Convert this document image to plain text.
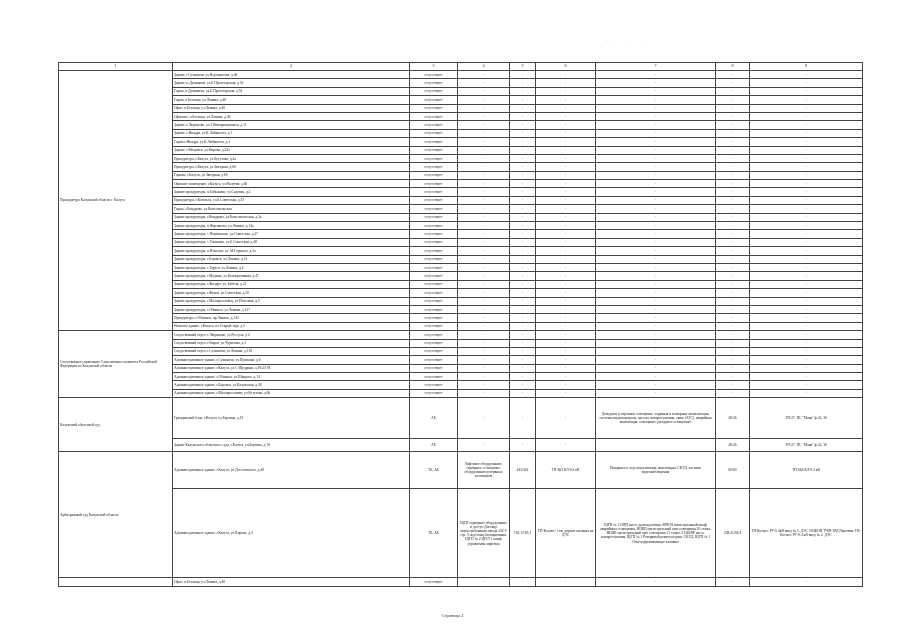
. . . .
1	2	3	4	5	6	7	8	9
Прокуратура Калужской области г. Калуга	Здание, г.Сухиничи, ул.Ворошилова, д.46	отсутствует	-	-	-	-	-	-
	Здание, п.Думиничи, ул.Б.Пролетарская, д.52	отсутствует	-	-	-	-	-	-
	Гараж, п.Думиничи, ул.Б.Пролетарская, д.52	отсутствует	-	-	-	-	-	-
	Гараж, п.Бетлица, ул.Ленина, д.40	отсутствует	-	-	-	-	-	-
	Офис, п.Бетлица, ул.Ленина, д.40	отсутствует	-	-	-	-	-	-
	Офисное, п.Бетлица, ул.Ленина, д.40	отсутствует	-	-	-	-	-	-
	Здание, г.Людиново, ул.3 Интернационала, д.11	отсутствует	-	-	-	-	-	-
	Здание, г.Жиздра, ул.К.Либкнехта, д.1	отсутствует	-	-	-	-	-	-
	Гараж г.Жиздра, ул.К.Либкнехта, д.1	отсутствует	-	-	-	-	-	-
	Здание, г.Мещовск, ул.Кирова, д.22а	отсутствует	-	-	-	-	-	-
	Прокуратура, г.Калуга, ул.Кутузова, д.2а	отсутствует	-	-	-	-	-	-
	Прокуратура, г.Калуга, ул.Звездная, д.6б	отсутствует	-	-	-	-	-	-
	Гаражи, г.Калуга, ул.Звездная, д.6б	отсутствует	-	-	-	-	-	-
	Офисное помещение, г.Калуга, ул.Рылеева, д.60	отсутствует	-	-	-	-	-	-
	Здание прокуратуры, п.Бабынино, ул.Садовая, д.2	отсутствует	-	-	-	-	-	-
	Прокуратура, г.Козельск, ул.Б.Советская, д.53	отсутствует	-	-	-	-	-	-
	Гараж, г.Кондрово, ул.Комсомольская	отсутствует	-	-	-	-	-	-
	Здание прокуратуры, г.Кондрово, ул.Комсомольская, д.2а	отсутствует	-	-	-	-	-	-
	Здание прокуратуры, п.Ферзиково, ул.Ленина, д.14а	отсутствует	-	-	-	-	-	-
	Здание прокуратуры, с.Перемышль, ул.Советская, д.27	отсутствует	-	-	-	-	-	-
	Здание прокуратуры, с.Ульяново, ул.Б.Советская, д.48	отсутствует	-	-	-	-	-	-
	Здание прокуратуры, п.Износки, ул. М.Горького, д.5а	отсутствует	-	-	-	-	-	-
	Здание прокуратуры, г.Боровск, ул.Ленина, д.13	отсутствует	-	-	-	-	-	-
	Здание прокуратуры, г.Таруса, ул.Ленина, д.4	отсутствует	-	-	-	-	-	-
	Здание прокуратуры, г.Медынь, ул.Кооперативная, д.47	отсутствует	-	-	-	-	-	-
	Здание прокуратуры, г.Жиздра, ул. Бебеля, д.22	отсутствует	-	-	-	-	-	-
	Здание прокуратуры, г.Жуков, ул.Советская, д.20	отсутствует	-	-	-	-	-	-
	Здание прокуратуры, г.Малоярославец, ул.Почтовая, д.5	отсутствует	-	-	-	-	-	-
	Здание прокуратуры, г.Обнинск, ул.Ленина, д.127	отсутствует	-	-	-	-	-	-
	Прокуратура, г.Обнинск, пр.Ленина, д.142	отсутствует	-	-	-	-	-	-
	Нежилое здание, г.Калуга, пл.Старый торг, д.5	отсутствует	-	-	-	-	-	-
Следственное управление Следственного комитета Российской Федерации по Калужской области	Следственный отдел, г.Людиново, ул.Россуль, д.2	отсутствует	-	-	-	-	-	-
	Следственный отдел, г.Киров, ул.Чурилова, д.3	отсутствует	-	-	-	-	-	-
	Следственный отдел, г.Сухиничи, ул.Ленина, д.118	отсутствует	-	-	-	-	-	-
	Административное здание, г.Сухиничи, ул.Пушкина, д.6	отсутствует	-	-	-	-	-	-
	Административное здание, г.Калуга, ул.С-Щедрина, д.39/2/193	отсутствует	-	-	-	-	-	-
	Административное здание, г.Обнинск, ул.Шацкого, д.14	отсутствует	-	-	-	-	-	-
	Административное здание, г.Боровск, ул.Калужская, д.49	отсутствует	-	-	-	-	-	-
	Административное здание, г.Малоярославец, ул.Кутузова, д.66	отсутствует	-	-	-	-	-	-
Калужский областной суд	Гражданский блок, г.Калуга, ул.Берзина, д.19	АБ	-	-	-	Дежурное и охранное освещение, охранная и пожарная сигнализация, системы видеоконтроля, насосы пожаротушения, связь (АТС), аварийная вентиляция, освещение (дежурное освещение)	40/26	ТП-27, ПС "Мана" ф.22, 36
	Здание Калужского областного суда, г.Калуга, ул.Берзина, д.19	АБ	-	-	-		40/26	ТП-27, ПС "Мана" ф.22, 36
Арбитражный суд Калужской области	Административное здание, г.Калуга, ул.Достоевского, д.48	ТБ, АБ	Лифтовое оборудование, серверное, освещение, оборудование резервных источников	442/442	ТП-663 КЛ-0,4 кВ	Пожарное и охр.сигнализация, вентиляция, СКУД, частные видеонаблюдения	60/60	ТП-664 КЛ-0.4 кВ
	Административное здание, г.Калуга, ул.Кирова, д.4	ТБ, АБ	ЩГП серверное оборудование и доступ Договор невостребования завода 242-5 стр. 3 подстанц.блокирования, ЩГП № 2 ЩУЛ 1 шкаф управления лифтами	165,1/165,1	ТП-Космос-1 кв, держит питания на ДЭС	ЩГП № 1 ШРД насос дымоудаления, МПОА магистральный шкаф аварийного освещения, НШЩ магистральный щит освещения 10 этажа, НШШ магистральный щит освещения 11 этажа, 5 ЩАВР насос пожаротушения, ЩГП № 1 Резервный режим подачи, СКУД, ЩГП № 1 Огнезадерживающие клапаны	238,4/238,4	ТП-Космос РУ-0,4кВ ввод № 1, ДЭС СЩКОН ТЧ09-1РД Перечень ТП-Космос РУ-0,4 кВ ввод № 2, ДЭС
	Офис, п.Бетлица, ул.Ленина, д.40	отсутствует	-	-	-	-	-	-
Страница 2
